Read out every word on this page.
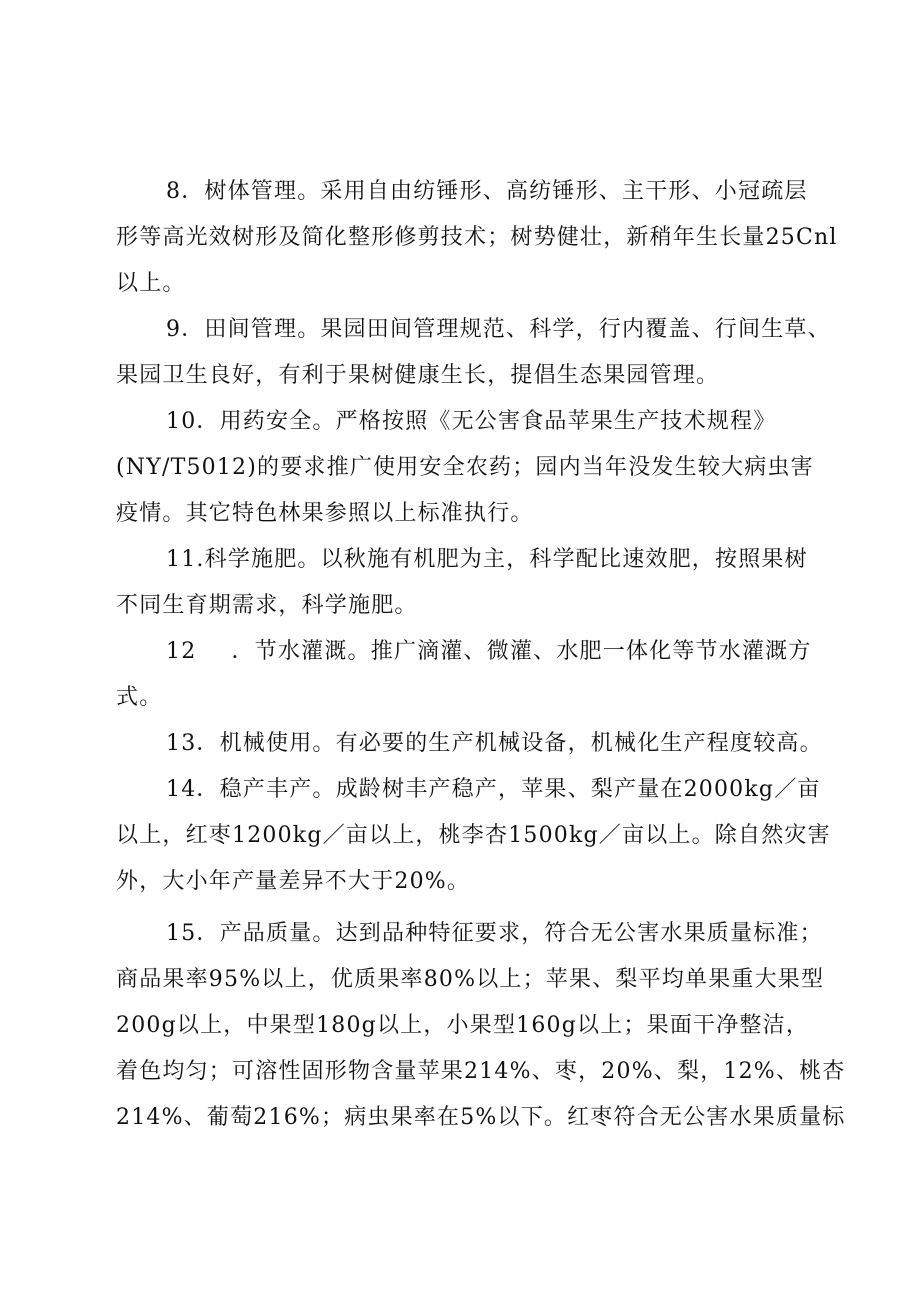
8．树体管理。采用自由纺锤形、高纺锤形、主干形、小冠疏层
形等高光效树形及简化整形修剪技术；树势健壮，新稍年生长量25Cnl
以上。
9．田间管理。果园田间管理规范、科学，行内覆盖、行间生草、
果园卫生良好，有利于果树健康生长，提倡生态果园管理。
10．用药安全。严格按照《无公害食品苹果生产技术规程》
(NY/T5012)的要求推广使用安全农药；园内当年没发生较大病虫害
疫情。其它特色林果参照以上标准执行。
11.科学施肥。以秋施有机肥为主，科学配比速效肥，按照果树
不同生育期需求，科学施肥。
12	．节水灌溉。推广滴灌、微灌、水肥一体化等节水灌溉方
式。
13．机械使用。有必要的生产机械设备，机械化生产程度较高。
14．稳产丰产。成龄树丰产稳产，苹果、梨产量在2000kg／亩
以上，红枣1200kg／亩以上，桃李杏1500kg／亩以上。除自然灾害
外，大小年产量差异不大于20%。
15．产品质量。达到品种特征要求，符合无公害水果质量标准；
商品果率95%以上，优质果率80%以上；苹果、梨平均单果重大果型
200g以上，中果型180g以上，小果型160g以上；果面干净整洁，
着色均匀；可溶性固形物含量苹果214%、枣，20%、梨，12%、桃杏
214%、葡萄216%；病虫果率在5%以下。红枣符合无公害水果质量标
